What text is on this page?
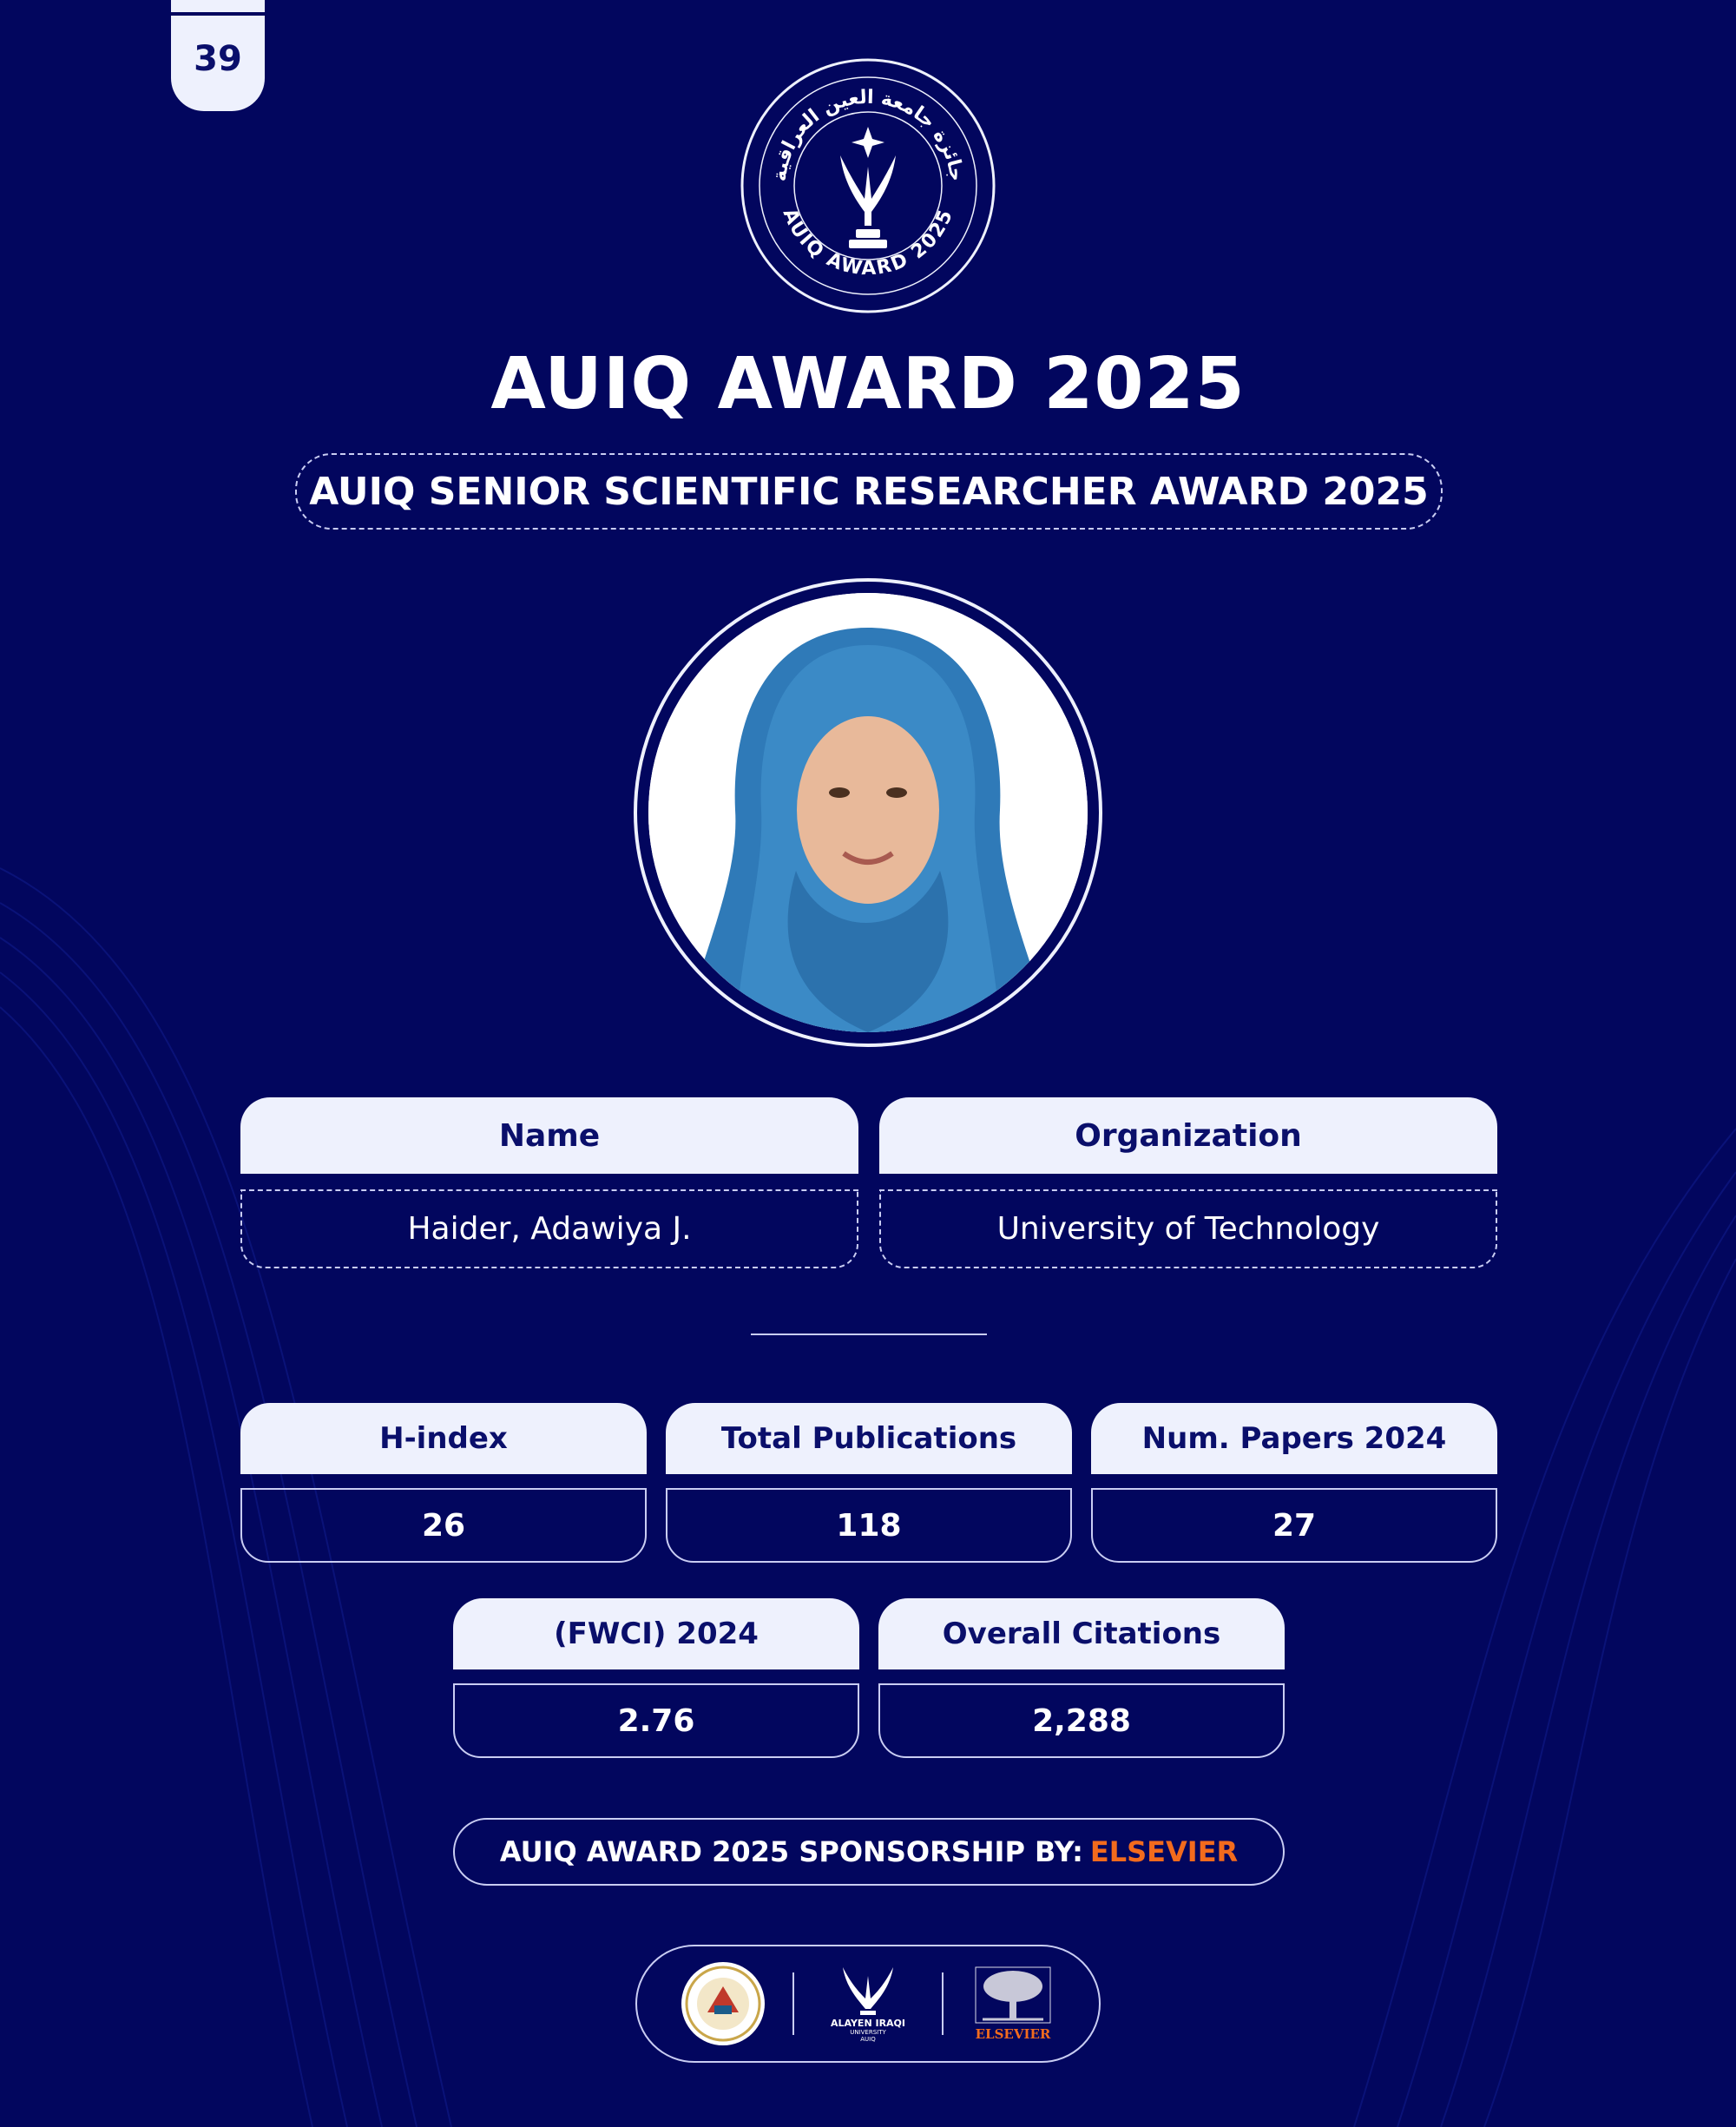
39
جائزة جامعة العين العراقية
AUIQ AWARD 2025
AUIQ AWARD 2025
AUIQ SENIOR SCIENTIFIC RESEARCHER AWARD 2025
Name
Haider, Adawiya J.
Organization
University of Technology
H-index
26
Total Publications
118
Num. Papers 2024
27
(FWCI) 2024
2.76
Overall Citations
2,288
AUIQ AWARD 2025 SPONSORSHIP BY: ELSEVIER
ALAYEN IRAQI
UNIVERSITY
AUIQ	ELSEVIER
